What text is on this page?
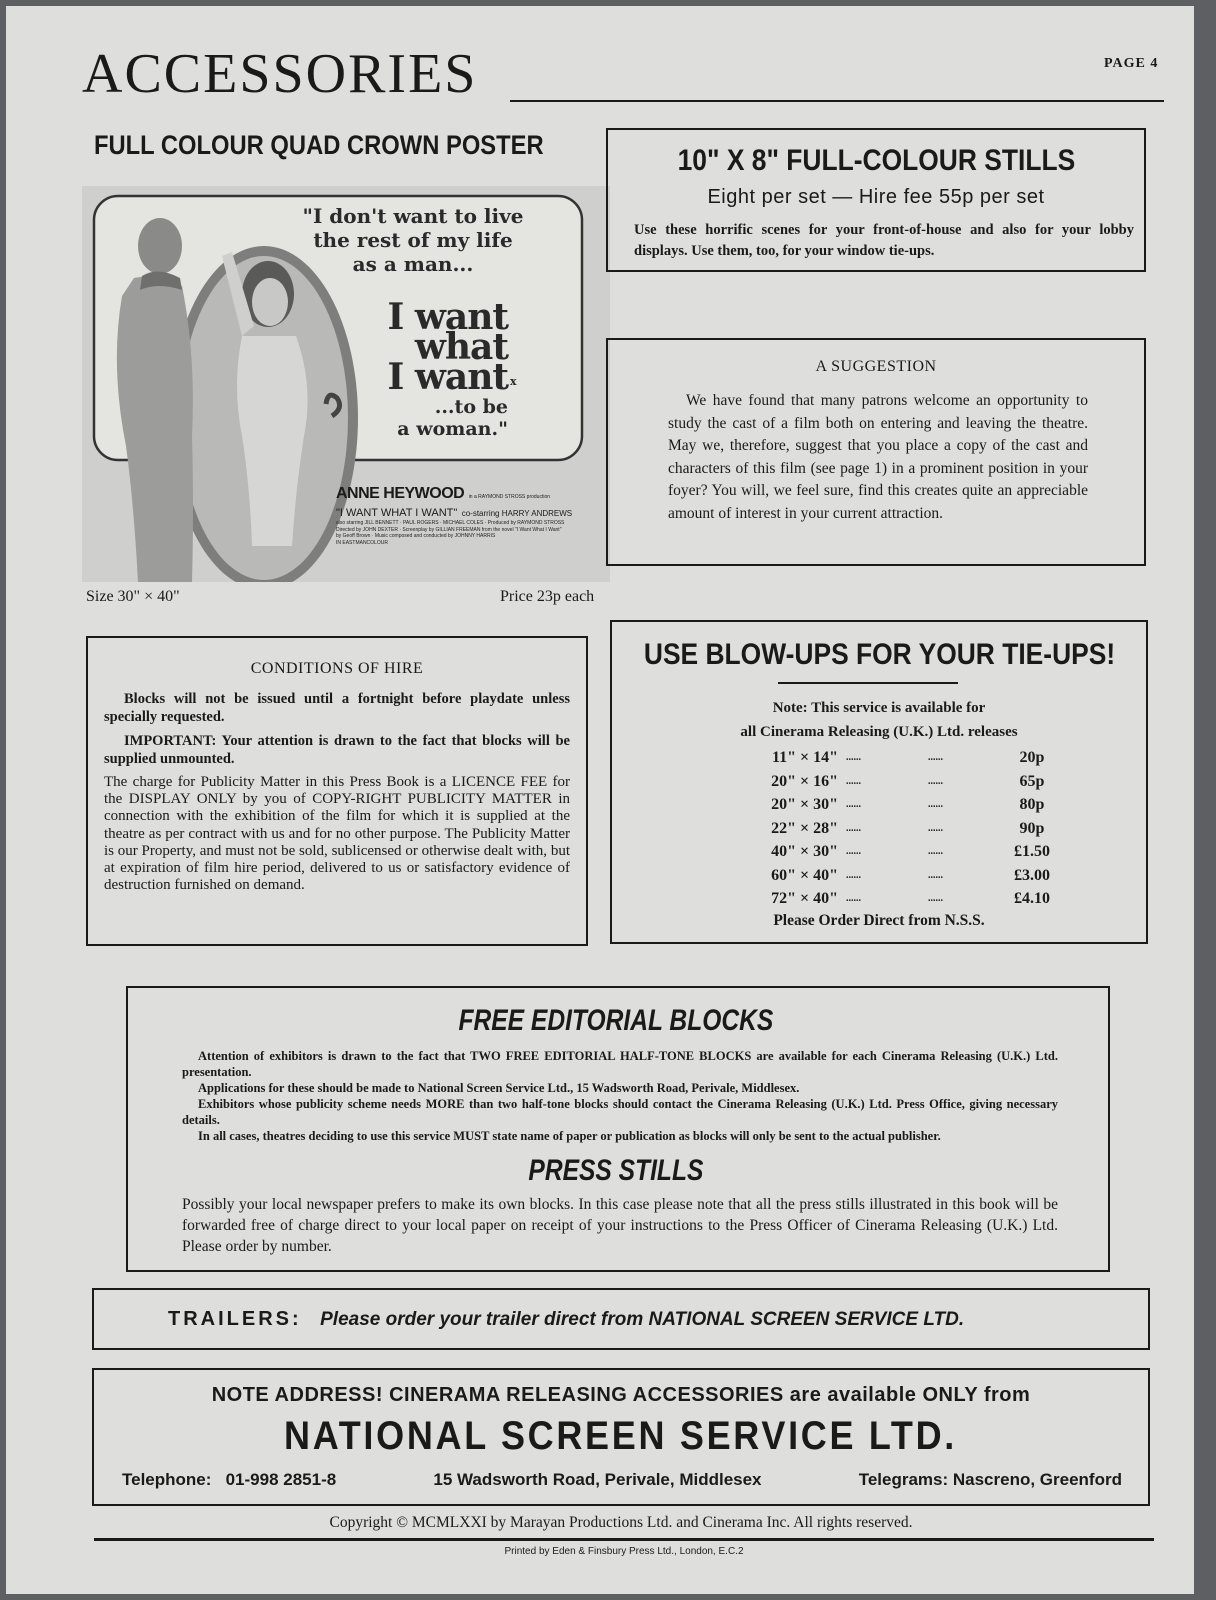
ACCESSORIES	PAGE 4
FULL COLOUR QUAD CROWN POSTER
"I don't want to live
the rest of my life
as a man...
I want
what
I want x
...to be
a woman."
ANNE HEYWOOD in a RAYMOND STROSS production
"I WANT WHAT I WANT" co-starring HARRY ANDREWS
also starring JILL BENNETT · PAUL ROGERS · MICHAEL COLES · Produced by RAYMOND STROSS
Directed by JOHN DEXTER · Screenplay by GILLIAN FREEMAN from the novel "I Want What I Want"
by Geoff Brown · Music composed and conducted by JOHNNY HARRIS
IN EASTMANCOLOUR
Size 30" × 40"	Price 23p each
10" X 8" FULL-COLOUR STILLS
Eight per set — Hire fee 55p per set

Use these horrific scenes for your front-of-house and also for your lobby displays. Use them, too, for your window tie-ups.

A SUGGESTION

We have found that many patrons welcome an opportunity to study the cast of a film both on entering and leaving the theatre. May we, therefore, suggest that you place a copy of the cast and characters of this film (see page 1) in a prominent position in your foyer? You will, we feel sure, find this creates quite an appreciable amount of interest in your current attraction.

CONDITIONS OF HIRE

Blocks will not be issued until a fortnight before playdate unless specially requested.

IMPORTANT: Your attention is drawn to the fact that blocks will be supplied unmounted.

The charge for Publicity Matter in this Press Book is a LICENCE FEE for the DISPLAY ONLY by you of COPY-RIGHT PUBLICITY MATTER in connection with the exhibition of the film for which it is supplied at the theatre as per contract with us and for no other purpose. The Publicity Matter is our Property, and must not be sold, sublicensed or otherwise dealt with, but at expiration of film hire period, delivered to us or satisfactory evidence of destruction furnished on demand.

USE BLOW-UPS FOR YOUR TIE-UPS!
Note: This service is available for
all Cinerama Releasing (U.K.) Ltd. releases
11" × 14" ......	......	20p
20" × 16" ......	......	65p
20" × 30" ......	......	80p
22" × 28" ......	......	90p
40" × 30" ......	......	£1.50
60" × 40" ......	......	£3.00
72" × 40" ......	......	£4.10
Please Order Direct from N.S.S.
FREE EDITORIAL BLOCKS

Attention of exhibitors is drawn to the fact that TWO FREE EDITORIAL HALF-TONE BLOCKS are available for each Cinerama Releasing (U.K.) Ltd. presentation.

Applications for these should be made to National Screen Service Ltd., 15 Wadsworth Road, Perivale, Middlesex.

Exhibitors whose publicity scheme needs MORE than two half-tone blocks should contact the Cinerama Releasing (U.K.) Ltd. Press Office, giving necessary details.

In all cases, theatres deciding to use this service MUST state name of paper or publication as blocks will only be sent to the actual publisher.

PRESS STILLS

Possibly your local newspaper prefers to make its own blocks. In this case please note that all the press stills illustrated in this book will be forwarded free of charge direct to your local paper on receipt of your instructions to the Press Officer of Cinerama Releasing (U.K.) Ltd. Please order by number.

TRAILERS: Please order your trailer direct from NATIONAL SCREEN SERVICE LTD.
NOTE ADDRESS! CINERAMA RELEASING ACCESSORIES are available ONLY from
NATIONAL SCREEN SERVICE LTD.
Telephone: 01-998 2851-8	15 Wadsworth Road, Perivale, Middlesex	Telegrams: Nascreno, Greenford
Copyright © MCMLXXI by Marayan Productions Ltd. and Cinerama Inc. All rights reserved.
Printed by Eden & Finsbury Press Ltd., London, E.C.2
